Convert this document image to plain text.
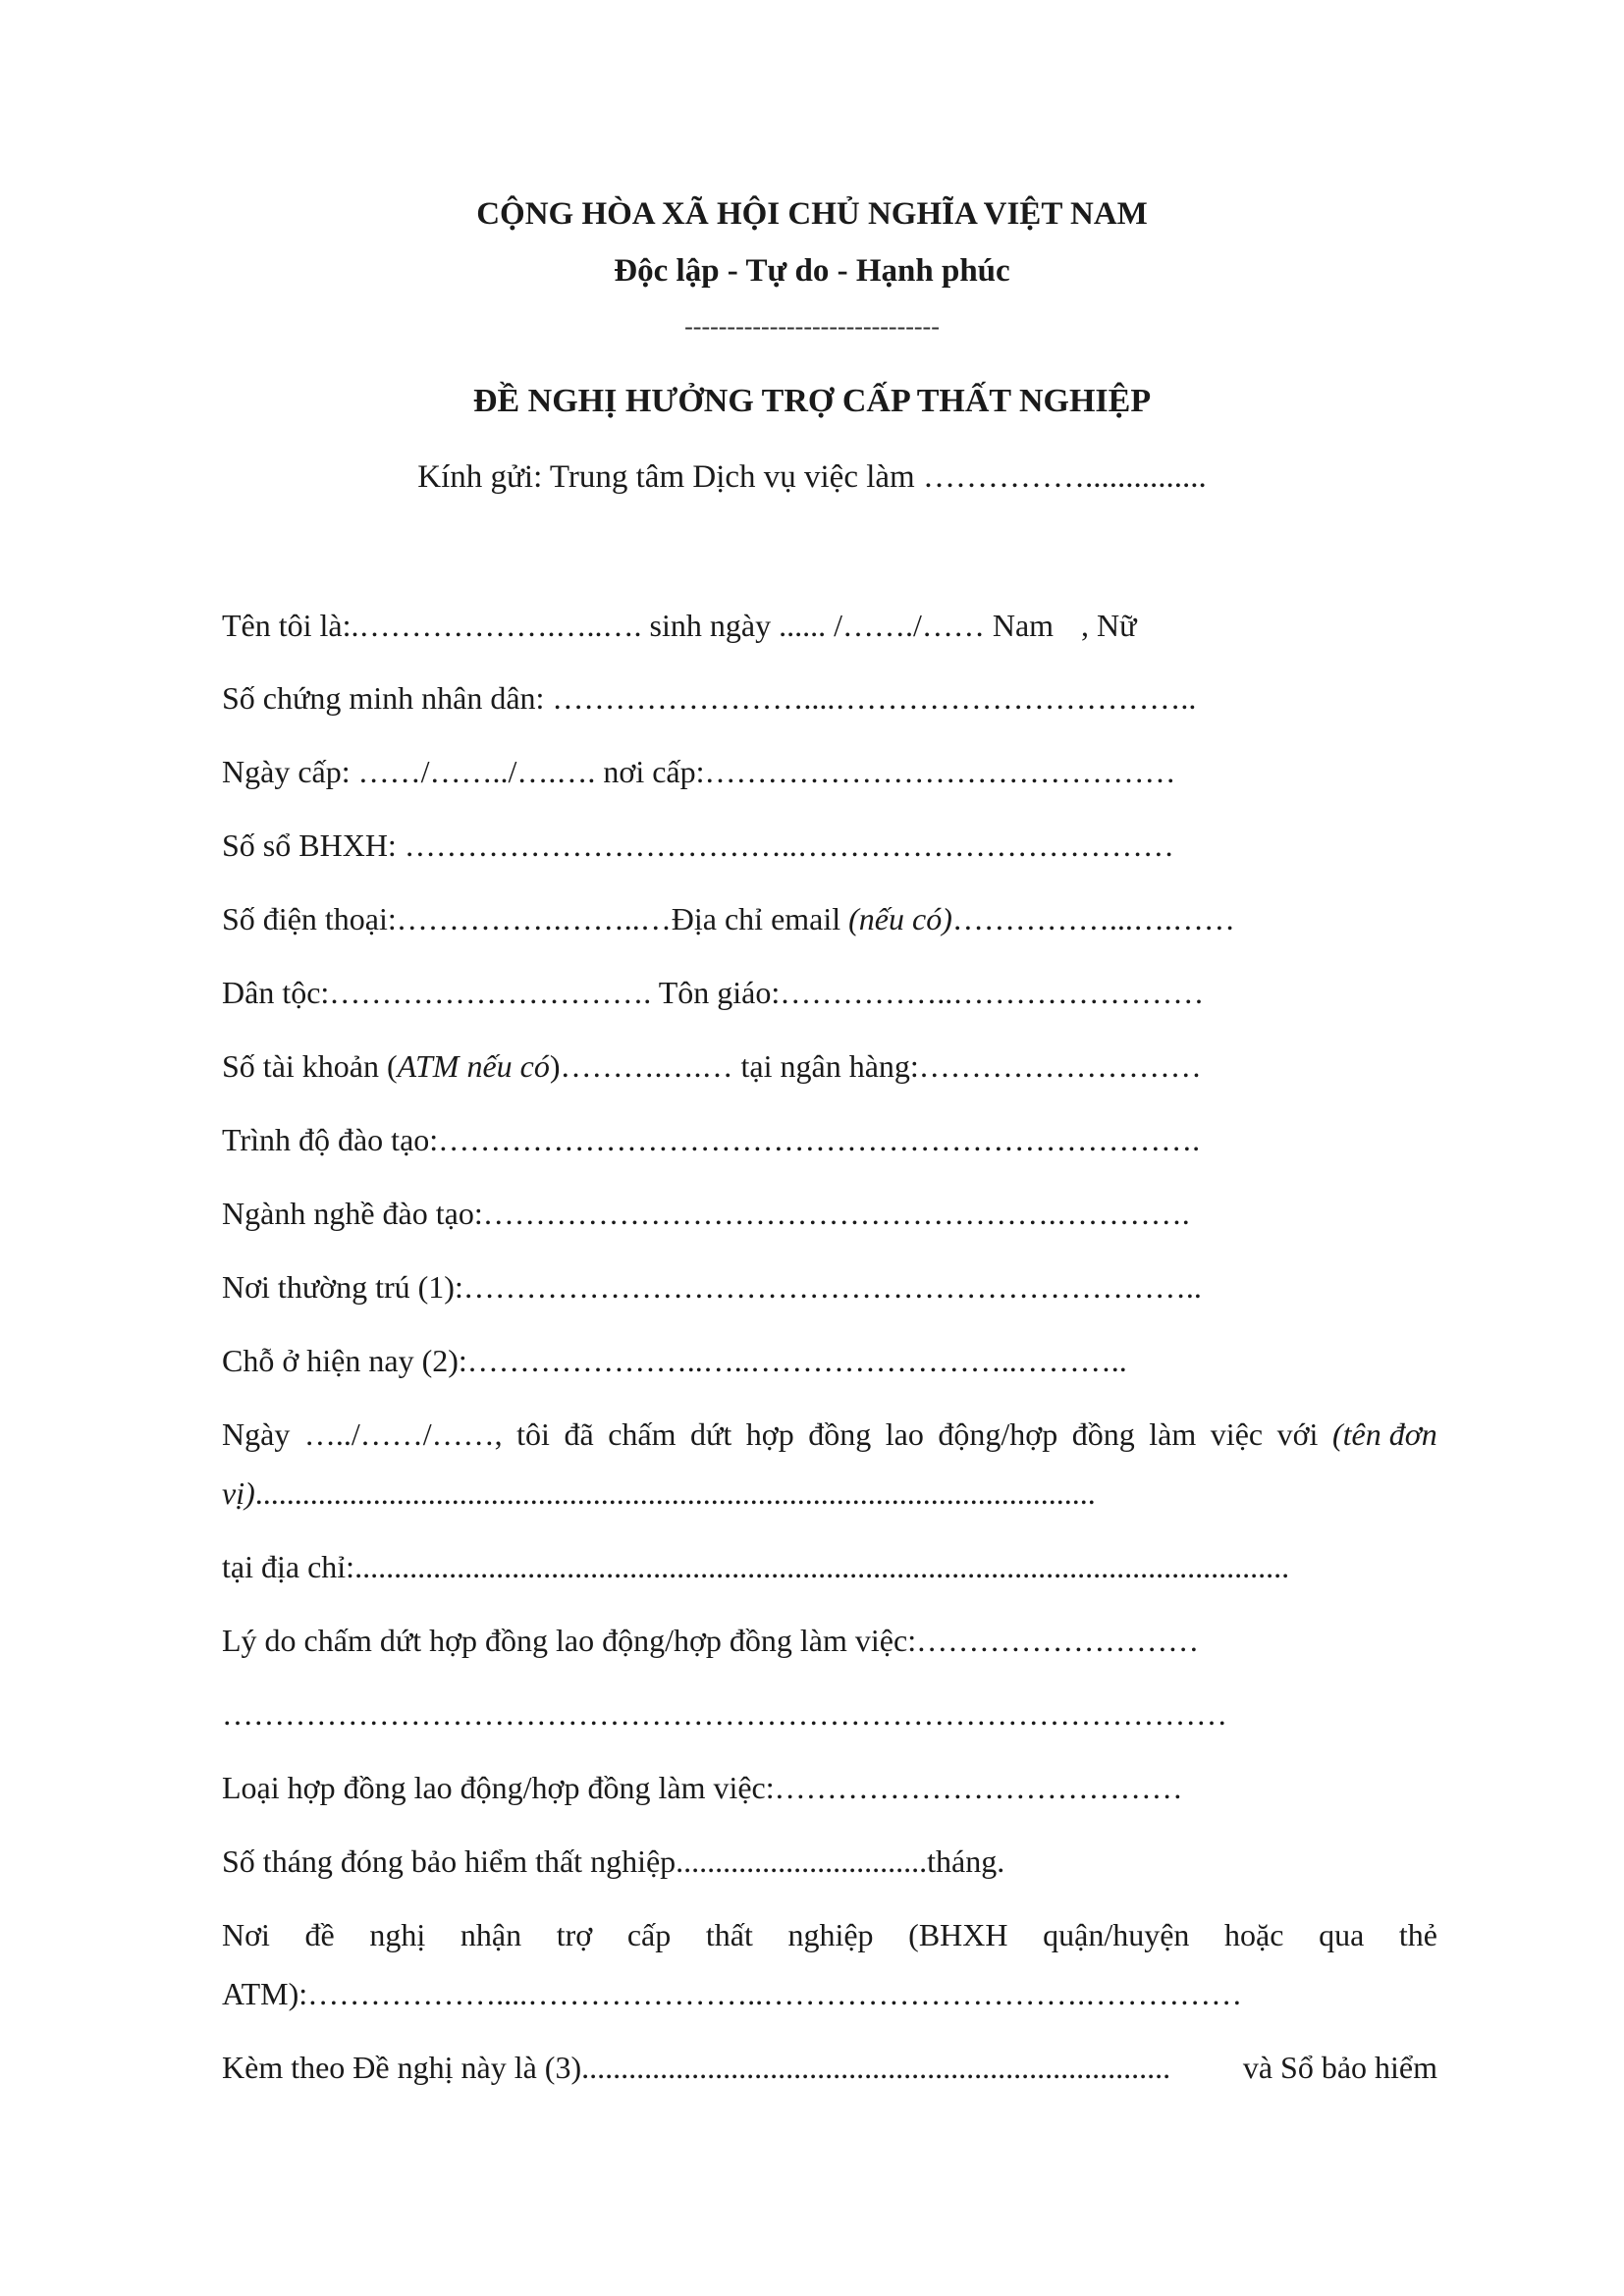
CỘNG HÒA XÃ HỘI CHỦ NGHĨA VIỆT NAM
Độc lập - Tự do - Hạnh phúc
------------------------------
ĐỀ NGHỊ HƯỞNG TRỢ CẤP THẤT NGHIỆP
Kính gửi: Trung tâm Dịch vụ việc làm ……………...............
Tên tôi là:.……………….…..…. sinh ngày ...... /……./…… Nam , Nữ
Số chứng minh nhân dân: ……………………....……………………………..
Ngày cấp: ……/……../….…. nơi cấp:………………………………………
Số sổ BHXH: ………………………………..………………………………
Số điện thoại:…………….……..…Địa chỉ email (nếu có)……………...….……
Dân tộc:…………………………. Tôn giáo:……………..……………………
Số tài khoản (ATM nếu có)……….….… tại ngân hàng:………………………
Trình độ đào tạo:……………………………………………………………….
Ngành nghề đào tạo:……………………………………………….………….
Nơi thường trú (1):……………………………………………………………..
Chỗ ở hiện nay (2):…………………..…..……………………..………..
Ngày …../……/……, tôi đã chấm dứt hợp đồng lao động/hợp đồng làm việc với (tên đơn
vị)...........................................................................................................
tại địa chỉ:.......................................................................................................................
Lý do chấm dứt hợp đồng lao động/hợp đồng làm việc:………………………
……………………………………………………………………………………
Loại hợp đồng lao động/hợp đồng làm việc:…………………………………
Số tháng đóng bảo hiểm thất nghiệp................................tháng.
Nơi đề nghị nhận trợ cấp thất nghiệp (BHXH quận/huyện hoặc qua thẻ
ATM):………………....…………………..………………………….……………
Kèm theo Đề nghị này là (3)........................................................................... và Sổ bảo hiểm
